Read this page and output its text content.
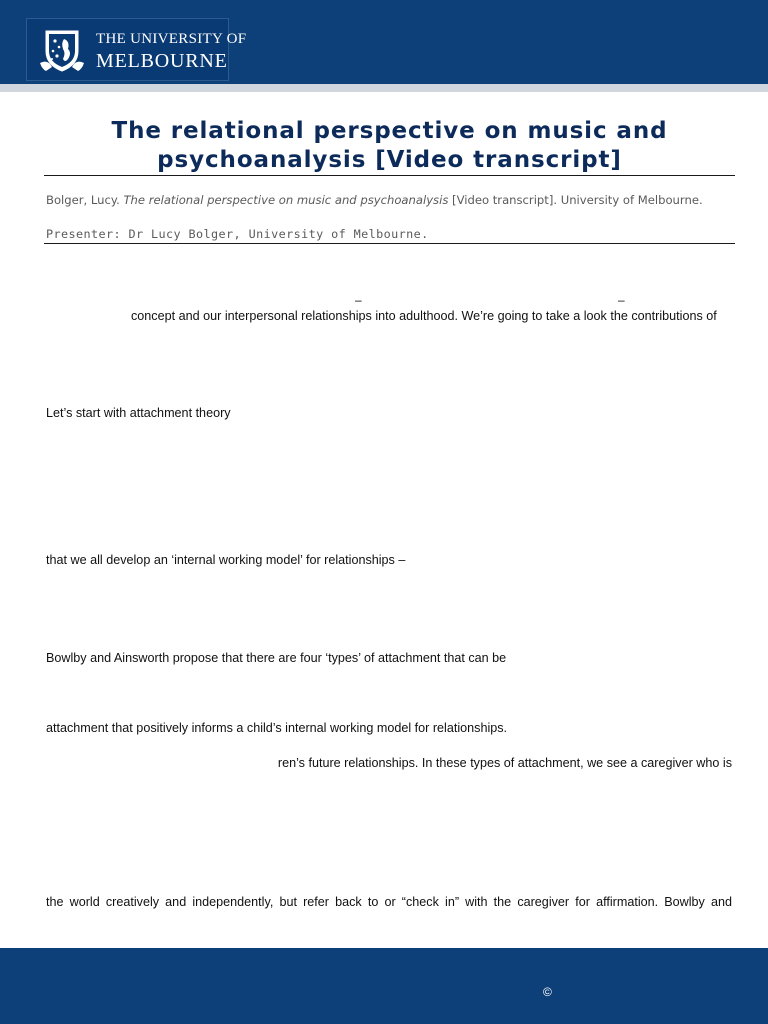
THE UNIVERSITY OF
MELBOURNE
The relational perspective on music and psychoanalysis [Video transcript]
Bolger, Lucy. The relational perspective on music and psychoanalysis [Video transcript]. University of Melbourne.
Presenter: Dr Lucy Bolger, University of Melbourne.
–	–
concept and our interpersonal relationships into adulthood. We’re going to take a look the contributions of
Let’s start with attachment theory
that we all develop an ‘internal working model’ for relationships –
Bowlby and Ainsworth propose that there are four ‘types’ of attachment that can be
attachment that positively informs a child’s internal working model for relationships.
ren’s future relationships. In these types of attachment, we see a caregiver who is
the world creatively and independently, but refer back to or “check in” with the caregiver for affirmation. Bowlby and
©
